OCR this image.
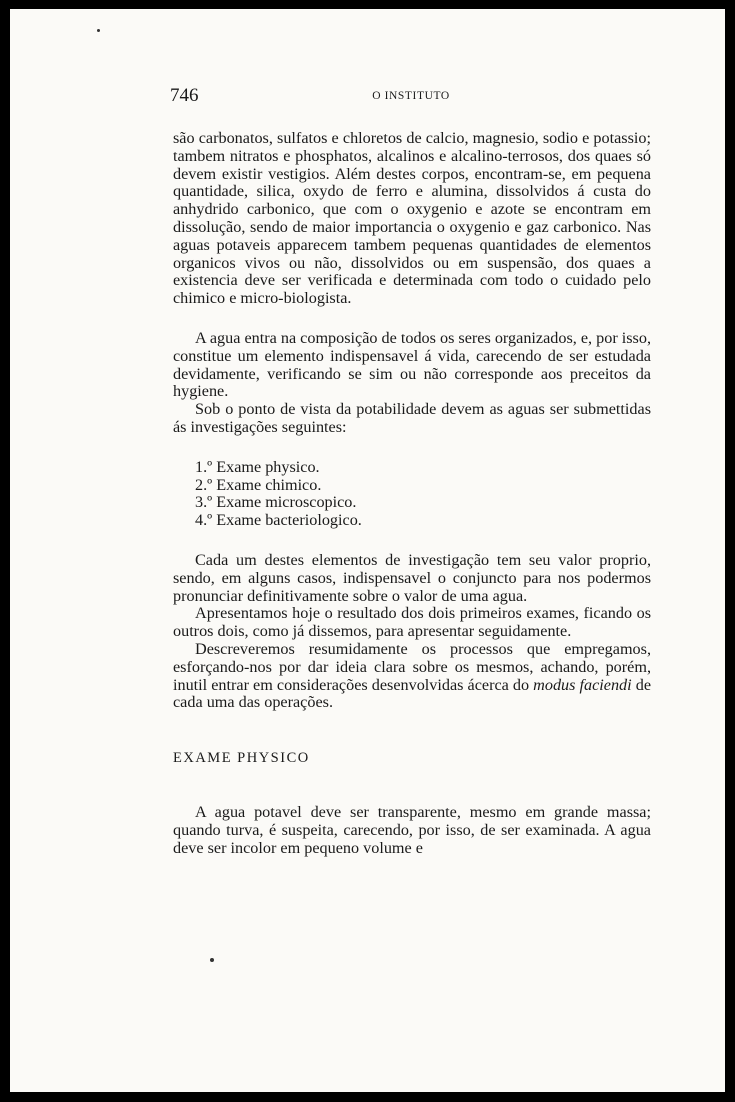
746	O INSTITUTO

são carbonatos, sulfatos e chloretos de calcio, magnesio, sodio e potassio; tambem nitratos e phosphatos, alcalinos e alcalino-terrosos, dos quaes só devem existir vestigios. Além destes corpos, encontram-se, em pequena quantidade, silica, oxydo de ferro e alumina, dissolvidos á custa do anhydrido carbonico, que com o oxygenio e azote se encontram em dissolução, sendo de maior importancia o oxygenio e gaz carbonico. Nas aguas potaveis apparecem tambem pequenas quantidades de elementos organicos vivos ou não, dissolvidos ou em suspensão, dos quaes a existencia deve ser verificada e determinada com todo o cuidado pelo chimico e micro-biologista.

A agua entra na composição de todos os seres organizados, e, por isso, constitue um elemento indispensavel á vida, carecendo de ser estudada devidamente, verificando se sim ou não corresponde aos preceitos da hygiene.

Sob o ponto de vista da potabilidade devem as aguas ser submettidas ás investigações seguintes:

1.º Exame physico.
2.º Exame chimico.
3.º Exame microscopico.
4.º Exame bacteriologico.

Cada um destes elementos de investigação tem seu valor proprio, sendo, em alguns casos, indispensavel o conjuncto para nos podermos pronunciar definitivamente sobre o valor de uma agua.

Apresentamos hoje o resultado dos dois primeiros exames, ficando os outros dois, como já dissemos, para apresentar seguidamente.

Descreveremos resumidamente os processos que empregamos, esforçando-nos por dar ideia clara sobre os mesmos, achando, porém, inutil entrar em considerações desenvolvidas ácerca do modus faciendi de cada uma das operações.

EXAME PHYSICO

A agua potavel deve ser transparente, mesmo em grande massa; quando turva, é suspeita, carecendo, por isso, de ser examinada. A agua deve ser incolor em pequeno volume e
